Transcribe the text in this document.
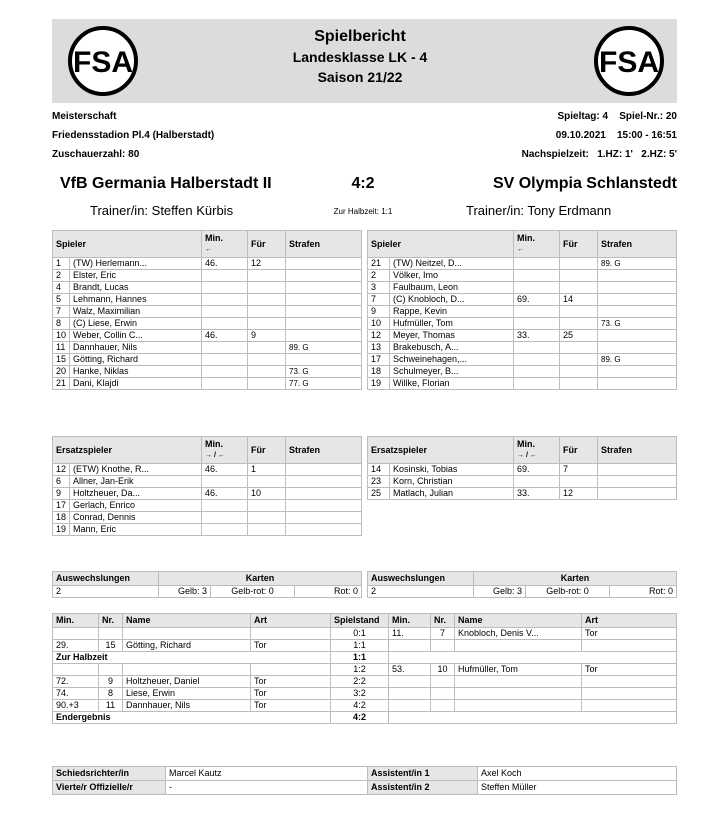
FSA	FSA
Spielbericht
Landesklasse LK - 4
Saison 21/22
Meisterschaft
Friedensstadion Pl.4 (Halberstadt)
Zuschauerzahl: 80
Spieltag: 4 Spiel-Nr.: 20
09.10.2021 15:00 - 16:51
Nachspielzeit: 1.HZ: 1' 2.HZ: 5'
VfB Germania Halberstadt II	4:2	SV Olympia Schlanstedt
Trainer/in: Steffen Kürbis	Zur Halbzeit: 1:1	Trainer/in: Tony Erdmann
Spieler		Min.
←	Für	Strafen
1	(TW) Herlemann...	46.	12	
2	Elster, Eric			
4	Brandt, Lucas			
5	Lehmann, Hannes			
7	Walz, Maximilian			
8	(C) Liese, Erwin			
10	Weber, Collin C...	46.	9	
11	Dannhauer, Nils			89. G
15	Götting, Richard			
20	Hanke, Niklas			73. G
21	Dani, Klajdi			77. G
Spieler		Min.
←	Für	Strafen
21	(TW) Neitzel, D...			89. G
2	Völker, Imo			
3	Faulbaum, Leon			
7	(C) Knobloch, D...	69.	14	
9	Rappe, Kevin			
10	Hufmüller, Tom			73. G
12	Meyer, Thomas	33.	25	
13	Brakebusch, A...			
17	Schweinehagen,...			89. G
18	Schulmeyer, B...			
19	Willke, Florian			
Ersatzspieler		Min.
→ / ←	Für	Strafen
12	(ETW) Knothe, R...	46.	1	
6	Allner, Jan-Erik			
9	Holtzheuer, Da...	46.	10	
17	Gerlach, Enrico			
18	Conrad, Dennis			
19	Mann, Eric			
Ersatzspieler		Min.
→ / ←	Für	Strafen
14	Kosinski, Tobias	69.	7	
23	Korn, Christian			
25	Matlach, Julian	33.	12	
Auswechslungen	Karten		
2	Gelb: 3	Gelb-rot: 0	Rot: 0
Auswechslungen	Karten		
2	Gelb: 3	Gelb-rot: 0	Rot: 0
Min.	Nr.	Name	Art	Spielstand	Min.	Nr.	Name	Art
				0:1	11.	7	Knobloch, Denis V...	Tor
29.	15	Götting, Richard	Tor	1:1				
Zur Halbzeit				1:1				
				1:2	53.	10	Hufmüller, Tom	Tor
72.	9	Holtzheuer, Daniel	Tor	2:2				
74.	8	Liese, Erwin	Tor	3:2				
90.+3	11	Dannhauer, Nils	Tor	4:2				
Endergebnis				4:2				
Schiedsrichter/in	Marcel Kautz	Assistent/in 1	Axel Koch
Vierte/r Offizielle/r	-	Assistent/in 2	Steffen Müller
